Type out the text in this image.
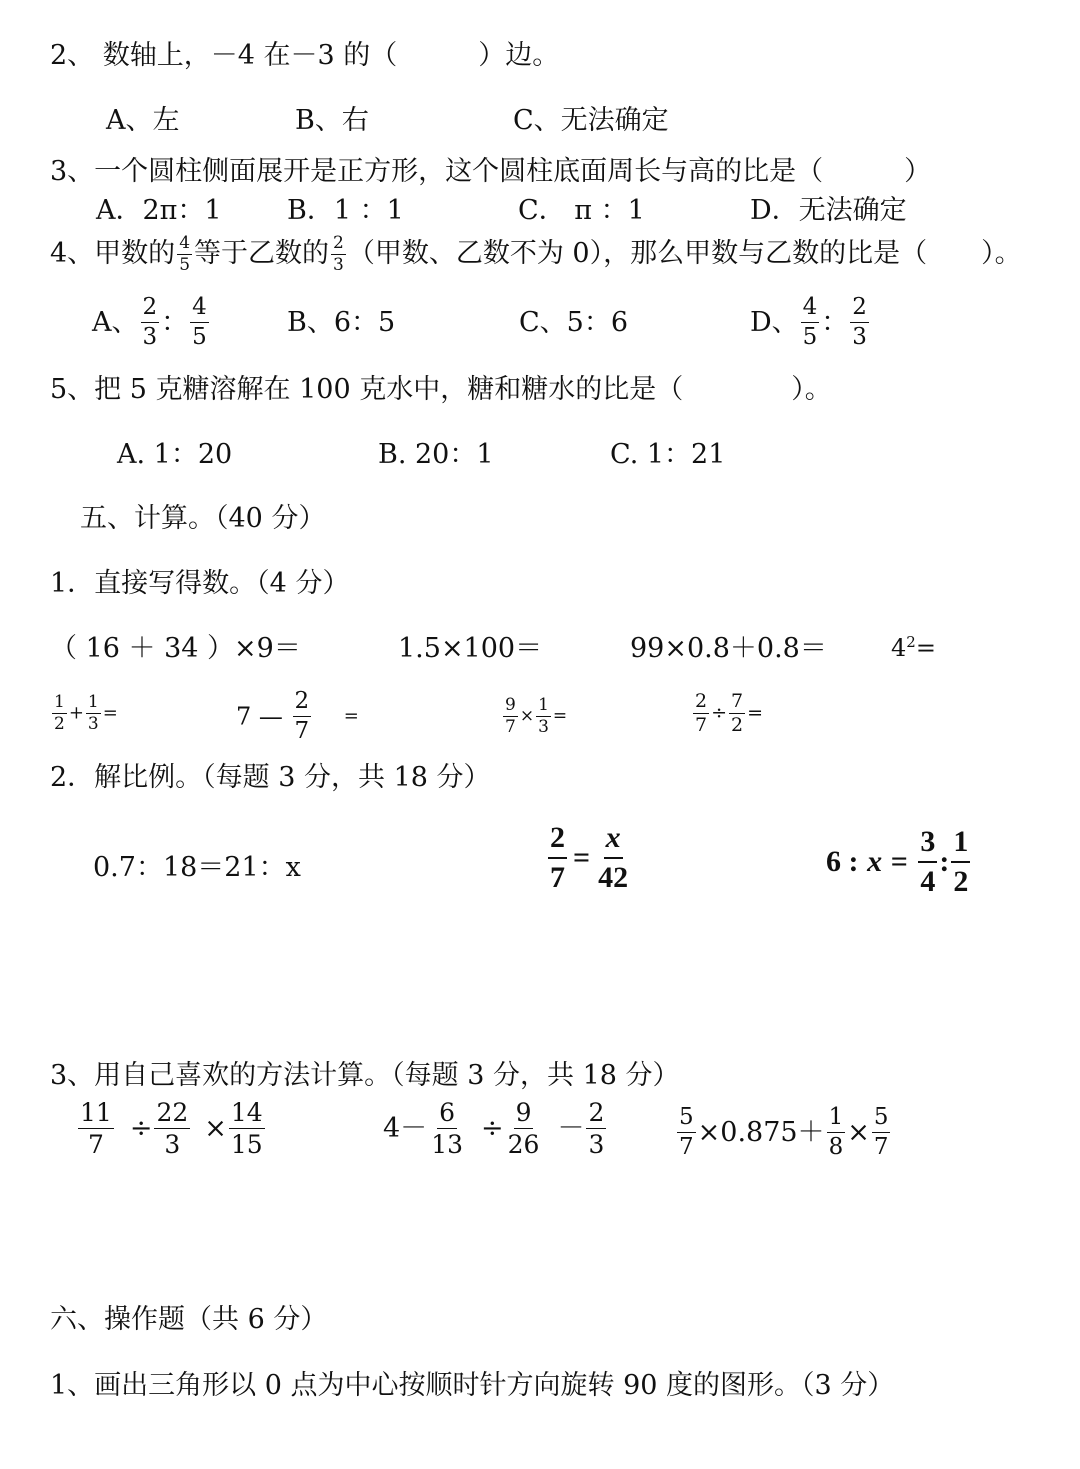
2、 数轴上，－4 在－3 的（　　　）边。
A、左	B、右	C、无法确定
3、一个圆柱侧面展开是正方形，这个圆柱底面周长与高的比是（　　　）
A．2π：1 B．1 ：1	C． π ：1	D．无法确定
4、甲数的 $\frac{4}{5}$ 等于乙数的 $\frac{2}{3}$ （甲数、乙数不为 0），那么甲数与乙数的比是（　　）。
A、 $\frac{2}{3}$ ： $\frac{4}{5}$	B、6：5	C、5：6	D、 $\frac{4}{5}$ ： $\frac{2}{3}$
5、把 5 克糖溶解在 100 克水中，糖和糖水的比是（　　　　）。
A. 1：20	B. 20：1	C. 1：21
五、计算。（40 分）
1．直接写得数。（4 分）
（ 16 ＋ 34 ）×9＝	1.5×100＝	99×0.8＋0.8＝	$4^2=$
$\frac{1}{2} + \frac{1}{3}$ =	7 — $\frac{2}{7}$ =	$\frac{9}{7} \times \frac{1}{3}$ =	$\frac{2}{7} \div \frac{7}{2}$ =
2．解比例。（每题 3 分，共 18 分）
0.7：18＝21：x	$\frac{2}{7} = \frac{x}{42}$	6 : $x = \frac{3}{4}$ : $\frac{1}{2}$
3、用自己喜欢的方法计算。（每题 3 分，共 18 分）
$\frac{11}{7} \div \frac{22}{3} \times \frac{14}{15}$	$4- \frac{6}{13} \div \frac{9}{26} - \frac{2}{3}$	$\frac{5}{7} \times 0.875+ \frac{1}{8} \times \frac{5}{7}$
六、操作题（共 6 分）
1、画出三角形以 0 点为中心按顺时针方向旋转 90 度的图形。（3 分）
